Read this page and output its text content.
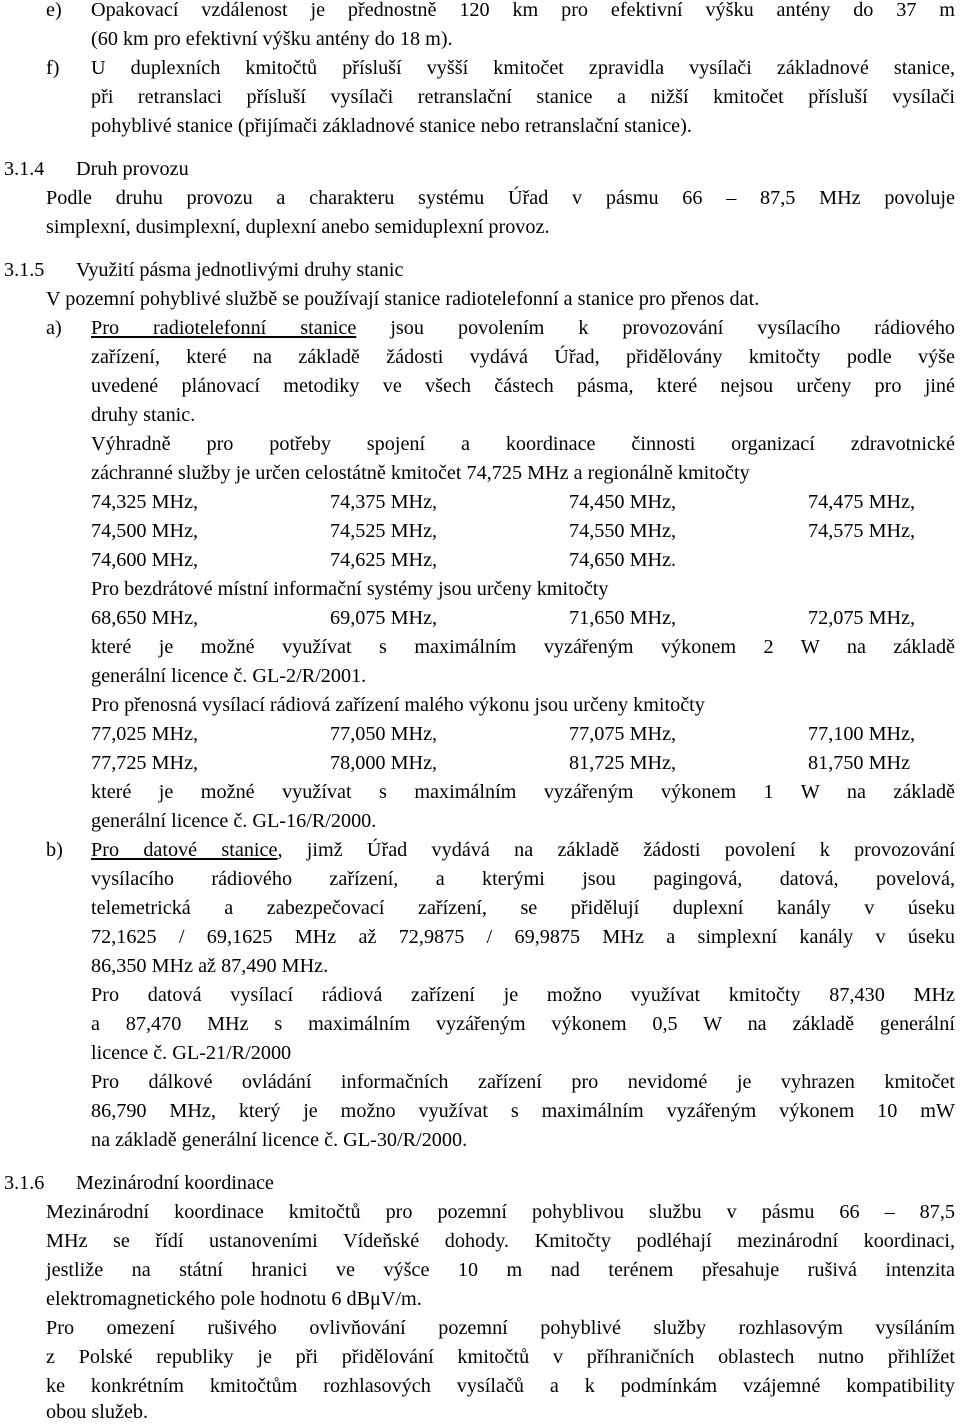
e)	Opakovací vzdálenost je přednostně 120 km pro efektivní výšku antény do 37 m
(60 km pro efektivní výšku antény do 18 m).
f)	U duplexních kmitočtů přísluší vyšší kmitočet zpravidla vysílači základnové stanice,
při retranslaci přísluší vysílači retranslační stanice a nižší kmitočet přísluší vysílači
pohyblivé stanice (přijímači základnové stanice nebo retranslační stanice).
3.1.4	Druh provozu
Podle druhu provozu a charakteru systému Úřad v pásmu 66 – 87,5 MHz povoluje
simplexní, dusimplexní, duplexní anebo semiduplexní provoz.
3.1.5	Využití pásma jednotlivými druhy stanic
V pozemní pohyblivé službě se používají stanice radiotelefonní a stanice pro přenos dat.
a)	Pro radiotelefonní stanice jsou povolením k provozování vysílacího rádiového
zařízení, které na základě žádosti vydává Úřad, přidělovány kmitočty podle výše
uvedené plánovací metodiky ve všech částech pásma, které nejsou určeny pro jiné
druhy stanic.
Výhradně pro potřeby spojení a koordinace činnosti organizací zdravotnické
záchranné služby je určen celostátně kmitočet 74,725 MHz a regionálně kmitočty
74,325 MHz,	74,375 MHz,	74,450 MHz,	74,475 MHz,
74,500 MHz,	74,525 MHz,	74,550 MHz,	74,575 MHz,
74,600 MHz,	74,625 MHz,	74,650 MHz.
Pro bezdrátové místní informační systémy jsou určeny kmitočty
68,650 MHz,	69,075 MHz,	71,650 MHz,	72,075 MHz,
které je možné využívat s maximálním vyzářeným výkonem 2 W na základě
generální licence č. GL-2/R/2001.
Pro přenosná vysílací rádiová zařízení malého výkonu jsou určeny kmitočty
77,025 MHz,	77,050 MHz,	77,075 MHz,	77,100 MHz,
77,725 MHz,	78,000 MHz,	81,725 MHz,	81,750 MHz
které je možné využívat s maximálním vyzářeným výkonem 1 W na základě
generální licence č. GL-16/R/2000.
b)	Pro datové stanice, jimž Úřad vydává na základě žádosti povolení k provozování
vysílacího rádiového zařízení, a kterými jsou pagingová, datová, povelová,
telemetrická a zabezpečovací zařízení, se přidělují duplexní kanály v úseku
72,1625 / 69,1625 MHz až 72,9875 / 69,9875 MHz a simplexní kanály v úseku
86,350 MHz až 87,490 MHz.
Pro datová vysílací rádiová zařízení je možno využívat kmitočty 87,430 MHz
a 87,470 MHz s maximálním vyzářeným výkonem 0,5 W na základě generální
licence č. GL-21/R/2000
Pro dálkové ovládání informačních zařízení pro nevidomé je vyhrazen kmitočet
86,790 MHz, který je možno využívat s maximálním vyzářeným výkonem 10 mW
na základě generální licence č. GL-30/R/2000.
3.1.6	Mezinárodní koordinace
Mezinárodní koordinace kmitočtů pro pozemní pohyblivou službu v pásmu 66 – 87,5
MHz se řídí ustanoveními Vídeňské dohody. Kmitočty podléhají mezinárodní koordinaci,
jestliže na státní hranici ve výšce 10 m nad terénem přesahuje rušivá intenzita
elektromagnetického pole hodnotu 6 dBμV/m.
Pro omezení rušivého ovlivňování pozemní pohyblivé služby rozhlasovým vysíláním
z Polské republiky je při přidělování kmitočtů v příhraničních oblastech nutno přihlížet
ke konkrétním kmitočtům rozhlasových vysílačů a k podmínkám vzájemné kompatibility
obou služeb.
